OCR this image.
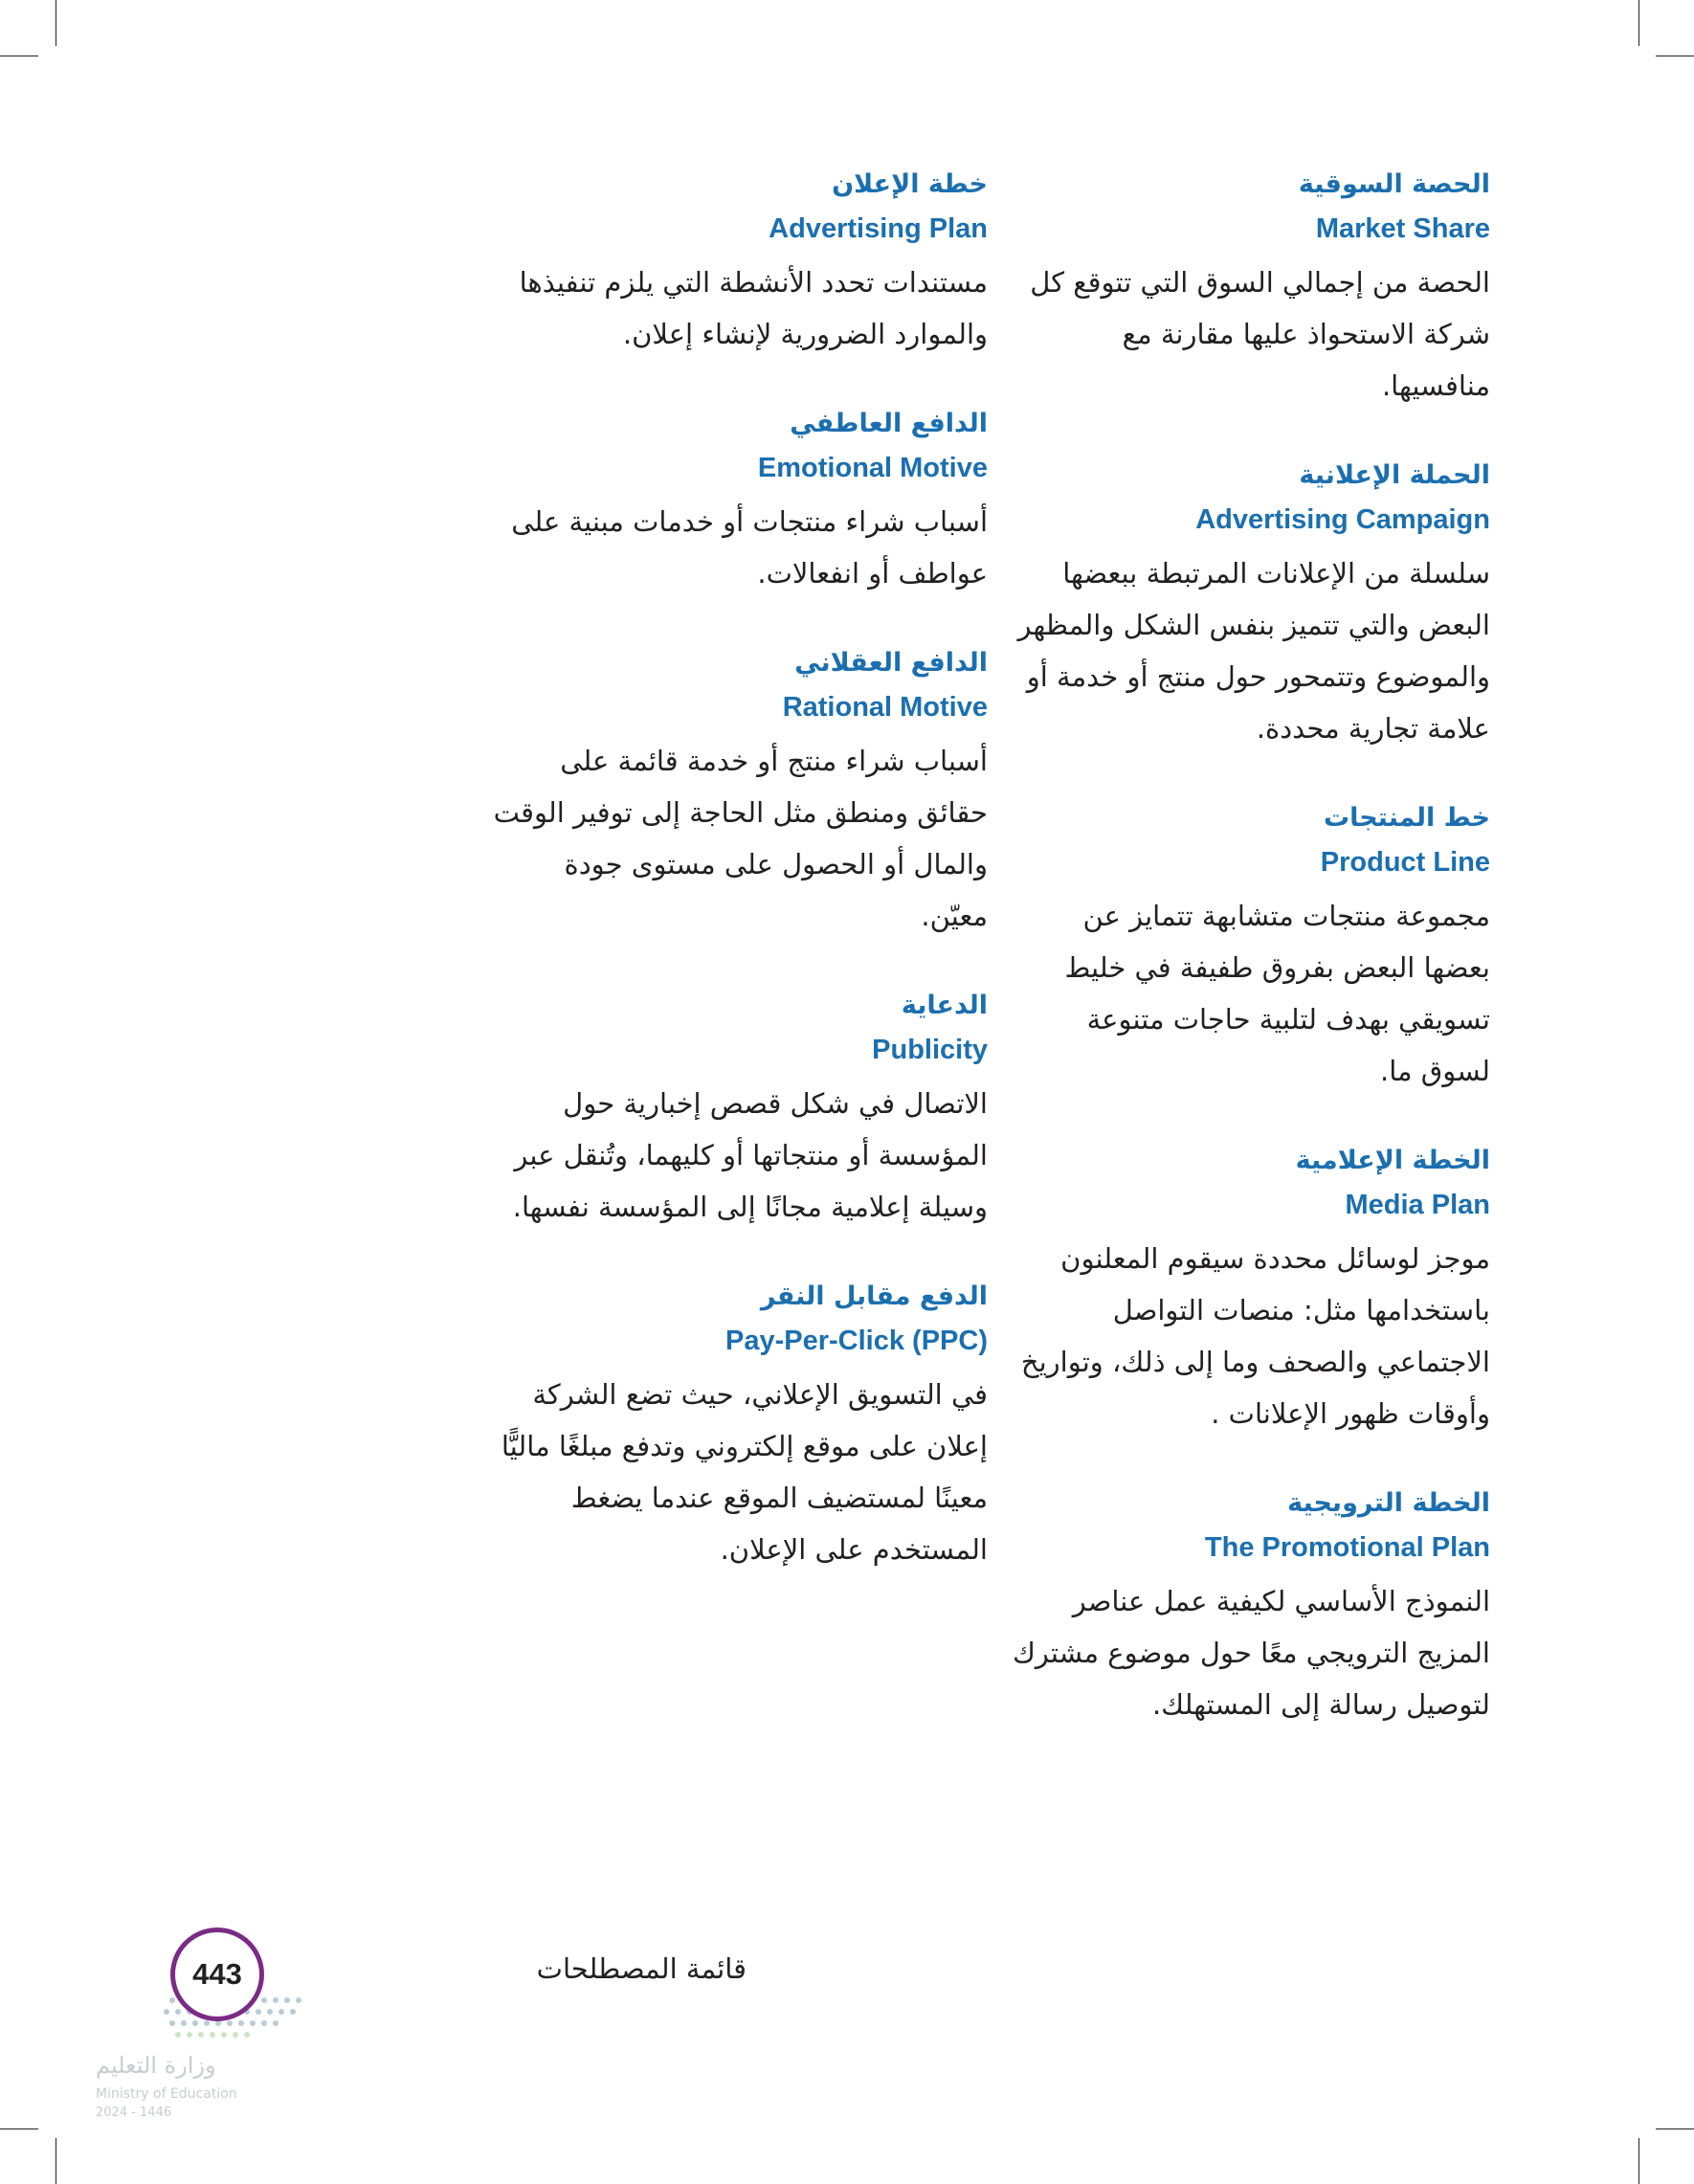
الحصة السوقية
Market Share

الحصة من إجمالي السوق التي تتوقع كل شركة الاستحواذ عليها مقارنة مع منافسيها.

الحملة الإعلانية
Advertising Campaign

سلسلة من الإعلانات المرتبطة ببعضها البعض والتي تتميز بنفس الشكل والمظهر والموضوع وتتمحور حول منتج أو خدمة أو علامة تجارية محددة.

خط المنتجات
Product Line

مجموعة منتجات متشابهة تتمايز عن بعضها البعض بفروق طفيفة في خليط تسويقي بهدف لتلبية حاجات متنوعة لسوق ما.

الخطة الإعلامية
Media Plan

موجز لوسائل محددة سيقوم المعلنون باستخدامها مثل: منصات التواصل الاجتماعي والصحف وما إلى ذلك، وتواريخ وأوقات ظهور الإعلانات .

الخطة الترويجية
The Promotional Plan

النموذج الأساسي لكيفية عمل عناصر المزيج الترويجي معًا حول موضوع مشترك لتوصيل رسالة إلى المستهلك.

خطة الإعلان
Advertising Plan

مستندات تحدد الأنشطة التي يلزم تنفيذها والموارد الضرورية لإنشاء إعلان.

الدافع العاطفي
Emotional Motive

أسباب شراء منتجات أو خدمات مبنية على عواطف أو انفعالات.

الدافع العقلاني
Rational Motive

أسباب شراء منتج أو خدمة قائمة على حقائق ومنطق مثل الحاجة إلى توفير الوقت والمال أو الحصول على مستوى جودة معيّن.

الدعاية
Publicity

الاتصال في شكل قصص إخبارية حول المؤسسة أو منتجاتها أو كليهما، وتُنقل عبر وسيلة إعلامية مجانًا إلى المؤسسة نفسها.

الدفع مقابل النقر
Pay-Per-Click (PPC)

في التسويق الإعلاني، حيث تضع الشركة إعلان على موقع إلكتروني وتدفع مبلغًا ماليًّا معينًا لمستضيف الموقع عندما يضغط المستخدم على الإعلان.

قائمة المصطلحات
وزارة التعليم
Ministry of Education
2024 - 1446
443
